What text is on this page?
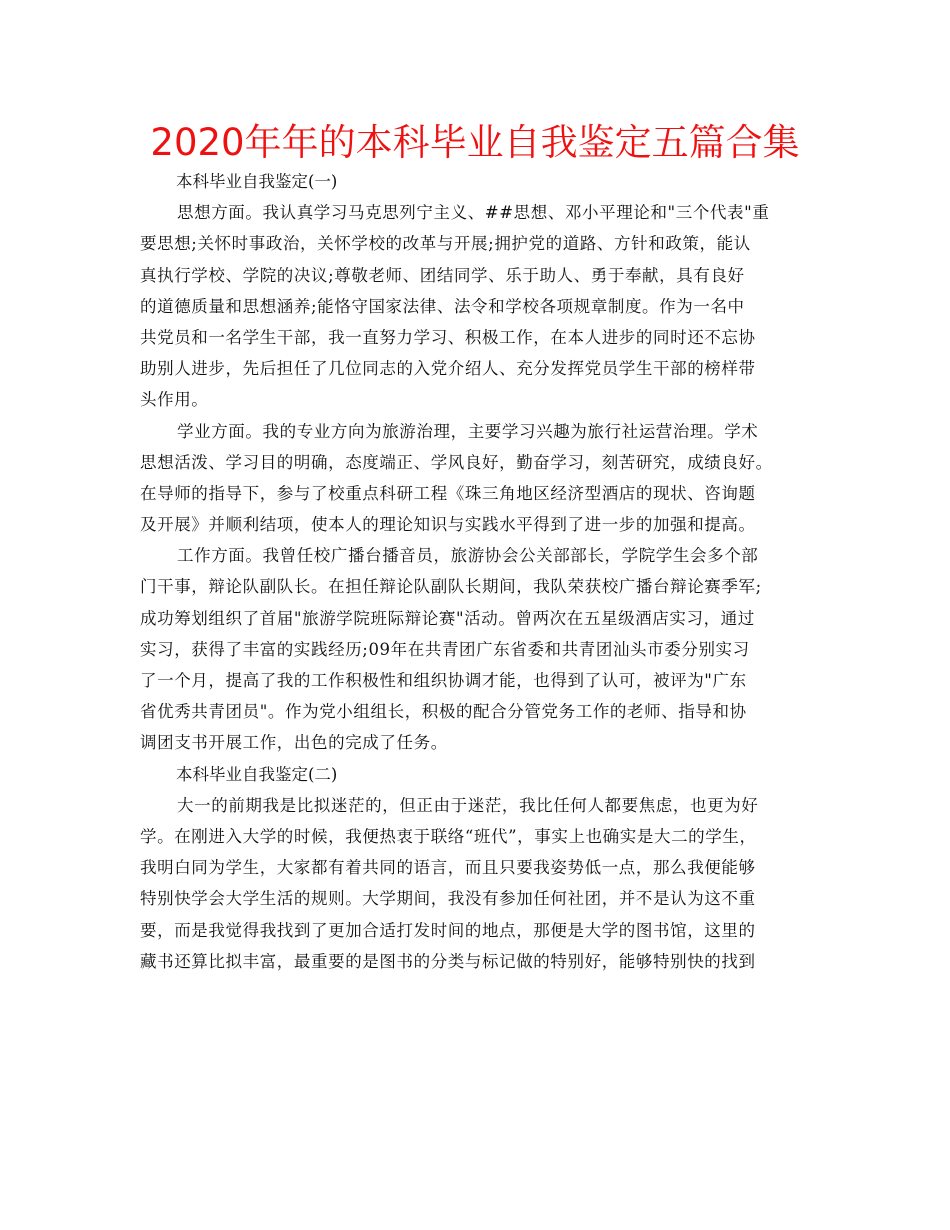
2020年年的本科毕业自我鉴定五篇合集
本科毕业自我鉴定(一)
思想方面。我认真学习马克思列宁主义、##思想、邓小平理论和"三个代表"重
要思想;关怀时事政治，关怀学校的改革与开展;拥护党的道路、方针和政策，能认
真执行学校、学院的决议;尊敬老师、团结同学、乐于助人、勇于奉献，具有良好
的道德质量和思想涵养;能恪守国家法律、法令和学校各项规章制度。作为一名中
共党员和一名学生干部，我一直努力学习、积极工作，在本人进步的同时还不忘协
助别人进步，先后担任了几位同志的入党介绍人、充分发挥党员学生干部的榜样带
头作用。
学业方面。我的专业方向为旅游治理，主要学习兴趣为旅行社运营治理。学术
思想活泼、学习目的明确，态度端正、学风良好，勤奋学习，刻苦研究，成绩良好。
在导师的指导下，参与了校重点科研工程《珠三角地区经济型酒店的现状、咨询题
及开展》并顺利结项，使本人的理论知识与实践水平得到了进一步的加强和提高。
工作方面。我曾任校广播台播音员，旅游协会公关部部长，学院学生会多个部
门干事，辩论队副队长。在担任辩论队副队长期间，我队荣获校广播台辩论赛季军;
成功筹划组织了首届"旅游学院班际辩论赛"活动。曾两次在五星级酒店实习，通过
实习，获得了丰富的实践经历;09年在共青团广东省委和共青团汕头市委分别实习
了一个月，提高了我的工作积极性和组织协调才能，也得到了认可，被评为"广东
省优秀共青团员"。作为党小组组长，积极的配合分管党务工作的老师、指导和协
调团支书开展工作，出色的完成了任务。
本科毕业自我鉴定(二)
大一的前期我是比拟迷茫的，但正由于迷茫，我比任何人都要焦虑，也更为好
学。在刚进入大学的时候，我便热衷于联络“班代”，事实上也确实是大二的学生，
我明白同为学生，大家都有着共同的语言，而且只要我姿势低一点，那么我便能够
特别快学会大学生活的规则。大学期间，我没有参加任何社团，并不是认为这不重
要，而是我觉得我找到了更加合适打发时间的地点，那便是大学的图书馆，这里的
藏书还算比拟丰富，最重要的是图书的分类与标记做的特别好，能够特别快的找到
